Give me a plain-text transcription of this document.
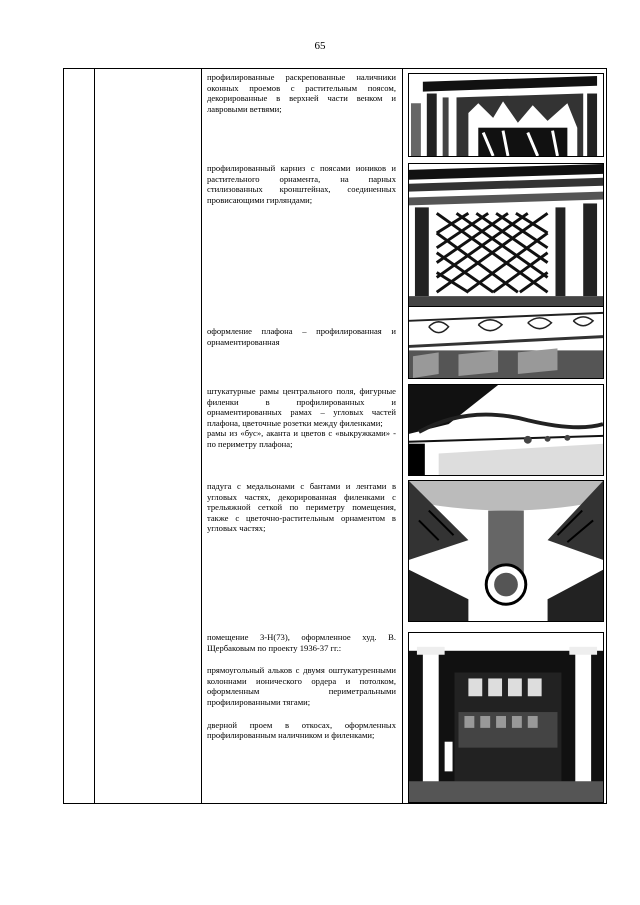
65

профилированные раскрепованные наличники оконных проемов с растительным поясом, декорированные в верхней части венком и лавровыми ветвями;

профилированный карниз с поясами иоников и растительного орнамента, на парных стилизованных кронштейнах, соединенных провисающими гирляндами;

оформление плафона – профилированная и орнаментированная

штукатурные рамы центрального поля, фигурные филенки в профилированных и орнаментированных рамах – угловых частей плафона, цветочные розетки между филенками;

рамы из «бус», аканта и цветов с «выкружками» - по периметру плафона;

падуга с медальонами с бантами и лентами в угловых частях, декорированная филенками с трельяжной сеткой по периметру помещения, также с цветочно-растительным орнаментом в угловых частях;

помещение 3-Н(73), оформленное худ. В. Щербаковым по проекту 1936-37 гг.:

прямоугольный альков с двумя оштукатуренными колоннами ионического ордера и потолком, оформленным периметральными профилированными тягами;

дверной проем в откосах, оформленных профилированным наличником и филенками;
